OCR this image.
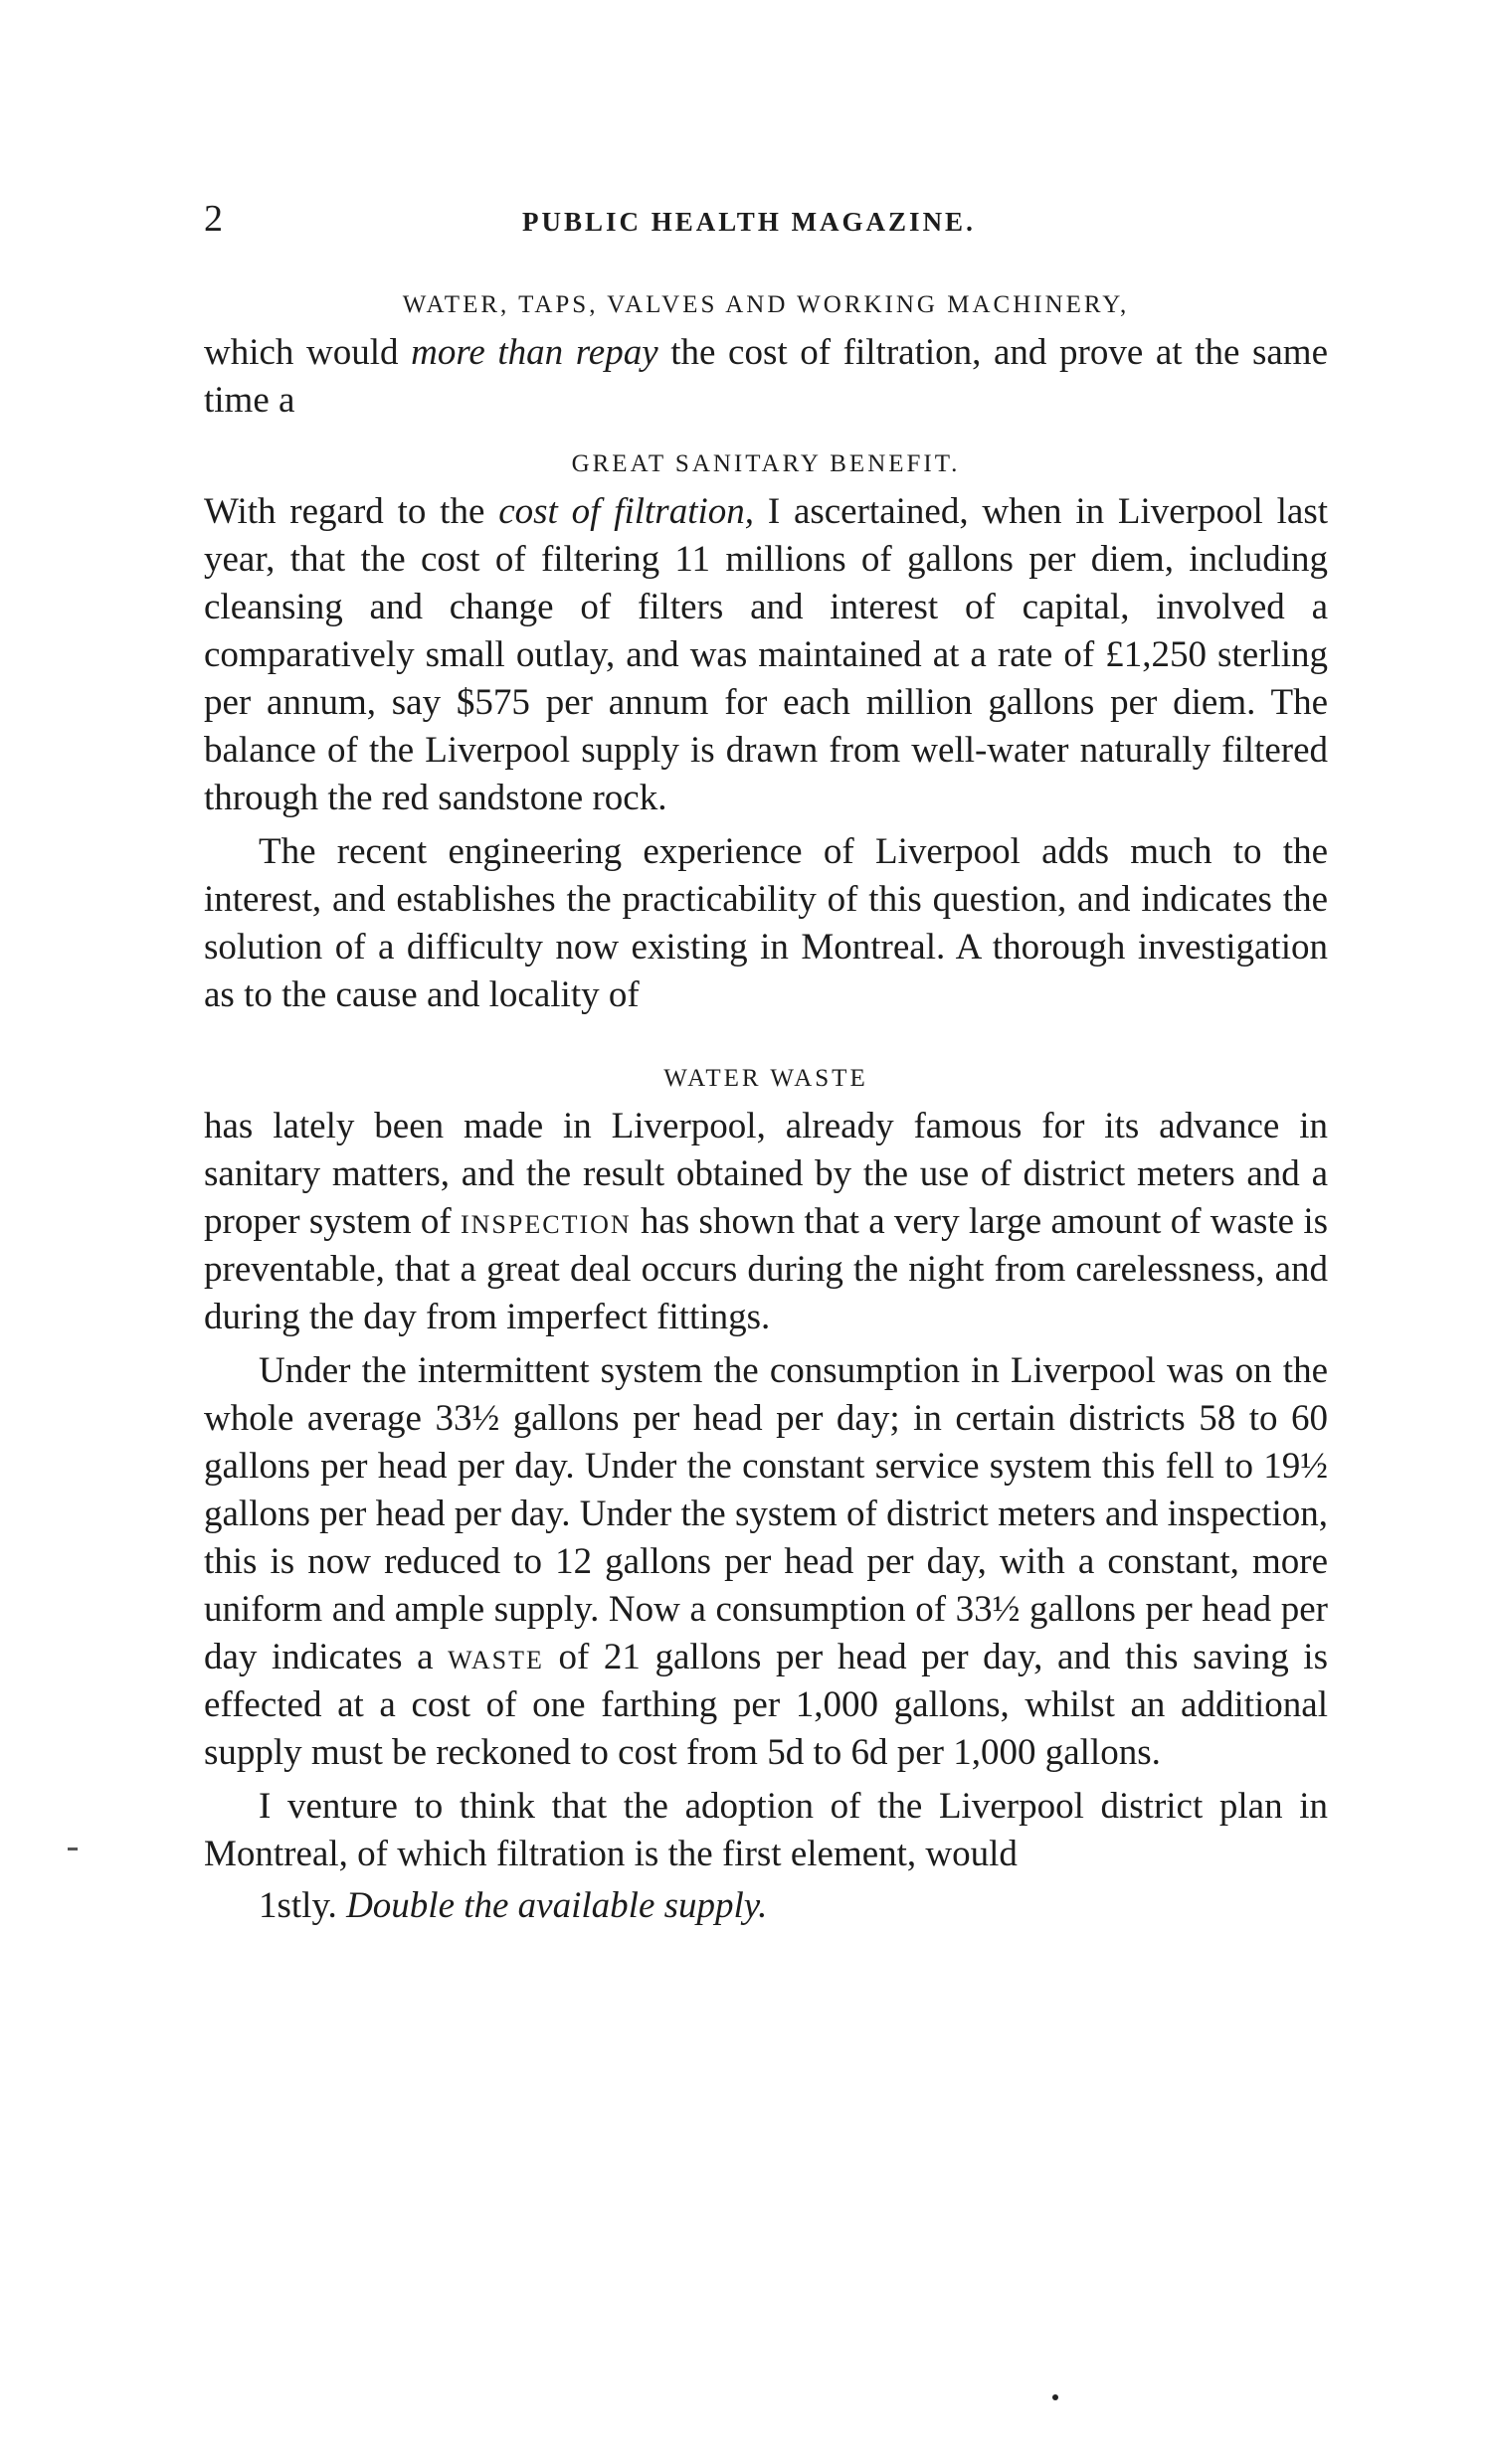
2	PUBLIC HEALTH MAGAZINE.
WATER, TAPS, VALVES AND WORKING MACHINERY,

which would more than repay the cost of filtration, and prove at the same time a

GREAT SANITARY BENEFIT.

With regard to the cost of filtration, I ascertained, when in Liverpool last year, that the cost of filtering 11 millions of gallons per diem, including cleansing and change of filters and interest of capital, involved a comparatively small outlay, and was maintained at a rate of £1,250 sterling per annum, say $575 per annum for each million gallons per diem. The balance of the Liverpool supply is drawn from well-water naturally filtered through the red sandstone rock.

The recent engineering experience of Liverpool adds much to the interest, and establishes the practicability of this question, and indicates the solution of a difficulty now existing in Montreal. A thorough investigation as to the cause and locality of

WATER WASTE

has lately been made in Liverpool, already famous for its advance in sanitary matters, and the result obtained by the use of district meters and a proper system of inspection has shown that a very large amount of waste is preventable, that a great deal occurs during the night from carelessness, and during the day from imperfect fittings.

Under the intermittent system the consumption in Liverpool was on the whole average 33½ gallons per head per day; in certain districts 58 to 60 gallons per head per day. Under the constant service system this fell to 19½ gallons per head per day. Under the system of district meters and inspection, this is now reduced to 12 gallons per head per day, with a constant, more uniform and ample supply. Now a consumption of 33½ gallons per head per day indicates a waste of 21 gallons per head per day, and this saving is effected at a cost of one farthing per 1,000 gallons, whilst an additional supply must be reckoned to cost from 5d to 6d per 1,000 gallons.

I venture to think that the adoption of the Liverpool district plan in Montreal, of which filtration is the first element, would

1stly. Double the available supply.
